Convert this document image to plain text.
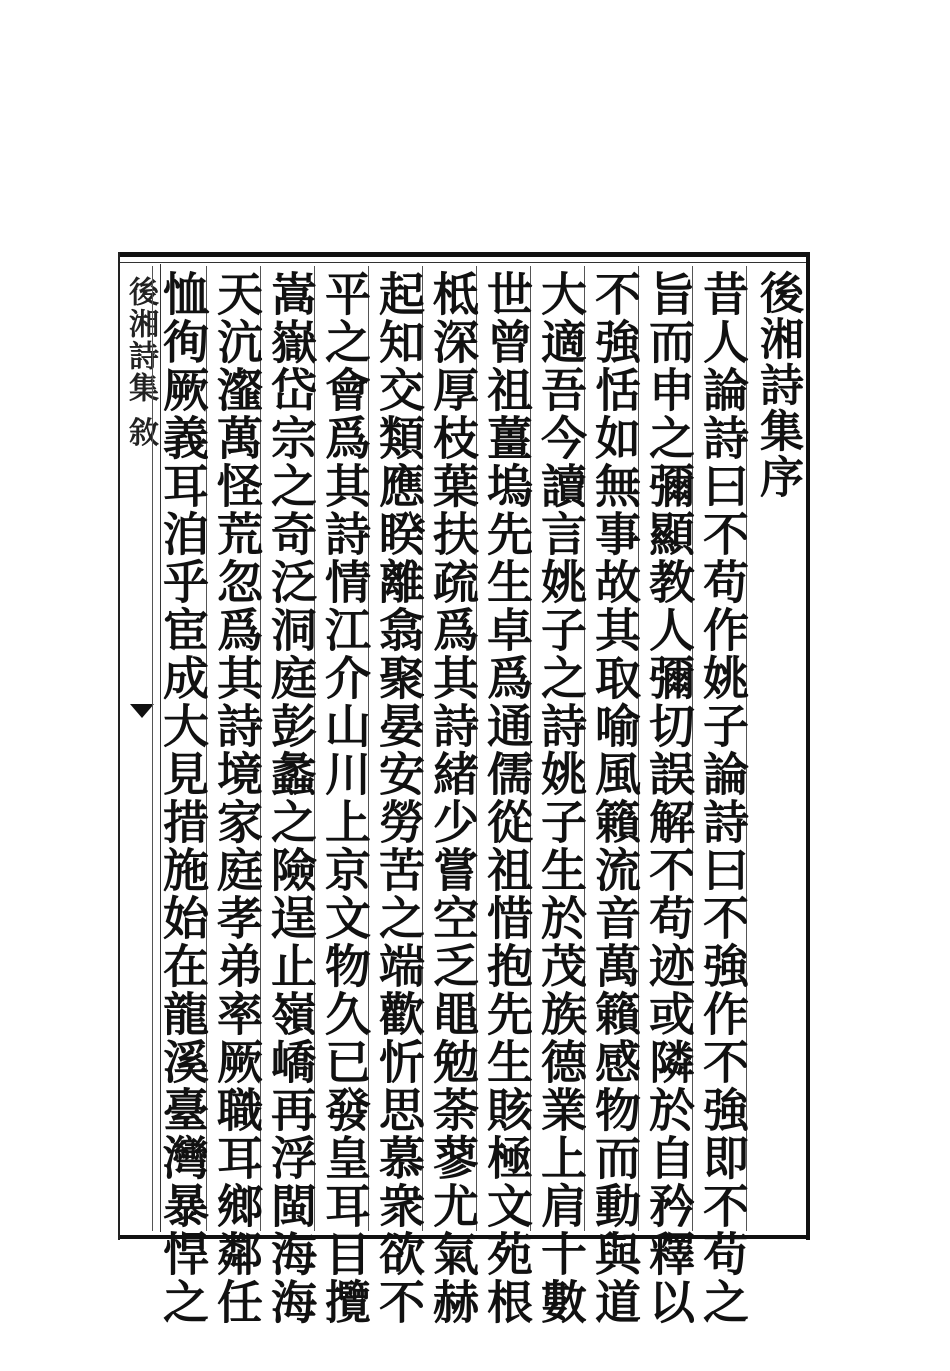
後湘詩集 敘	後湘詩集序
昔人論詩曰不苟作姚子論詩曰不強作不強即不苟之
旨而申之彌顯教人彌切誤解不苟迹或隣於自矜釋以
不強恬如無事故其取喻風籟流音萬籟感物而動與道
大適吾今讀言姚子之詩姚子生於茂族德業上肩十數
世曾祖薑塢先生卓爲通儒從祖惜抱先生賅極文苑根
柢深厚枝葉扶疏爲其詩緒少嘗空乏黽勉荼蓼尤氣赫
起知交類應睽離翕聚晏安勞苦之端歡忻思慕衆欲不
平之會爲其詩情江介山川上京文物久已發皇耳目攬
嵩嶽岱宗之奇泛洞庭彭蠡之險逞止嶺嶠再浮閩海海
天沆瀣萬怪荒忽爲其詩境家庭孝弟率厥職耳鄉鄰任
恤徇厥義耳洎乎宦成大見措施始在龍溪臺灣暴悍之
